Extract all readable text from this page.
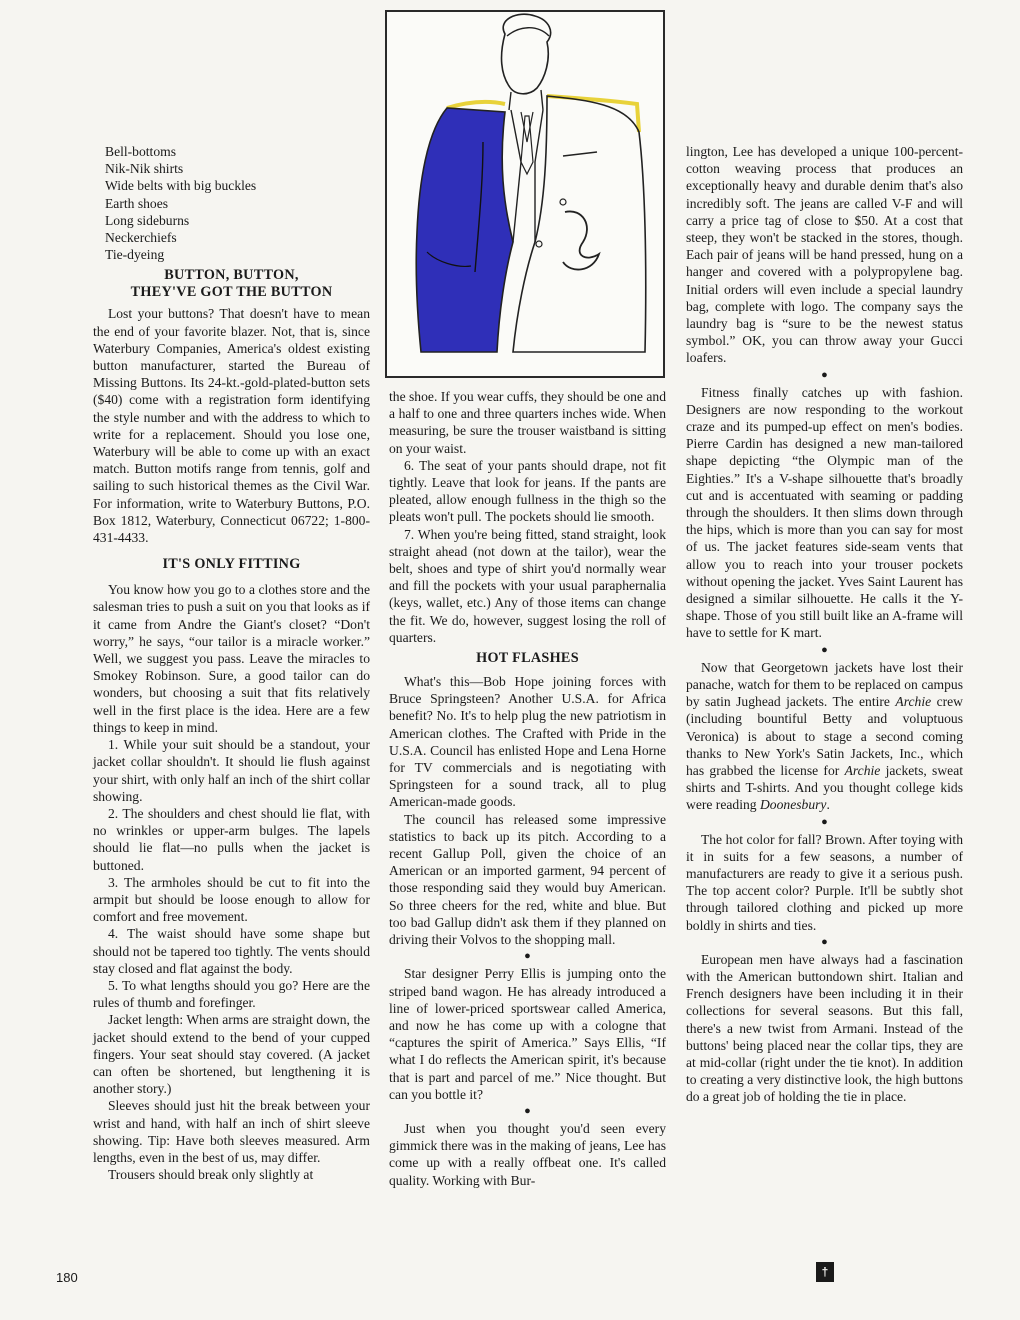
Bell-bottoms
Nik-Nik shirts
Wide belts with big buckles
Earth shoes
Long sideburns
Neckerchiefs
Tie-dyeing
BUTTON, BUTTON,
THEY'VE GOT THE BUTTON

Lost your buttons? That doesn't have to mean the end of your favorite blazer. Not, that is, since Waterbury Companies, America's oldest existing button manufacturer, started the Bureau of Missing Buttons. Its 24-kt.-gold-plated-button sets ($40) come with a registration form identifying the style number and with the address to which to write for a replacement. Should you lose one, Waterbury will be able to come up with an exact match. Button motifs range from tennis, golf and sailing to such historical themes as the Civil War. For information, write to Waterbury Buttons, P.O. Box 1812, Waterbury, Connecticut 06722; 1-800-431-4433.

IT'S ONLY FITTING

You know how you go to a clothes store and the salesman tries to push a suit on you that looks as if it came from Andre the Giant's closet? “Don't worry,” he says, “our tailor is a miracle worker.” Well, we suggest you pass. Leave the miracles to Smokey Robinson. Sure, a good tailor can do wonders, but choosing a suit that fits relatively well in the first place is the idea. Here are a few things to keep in mind.

1. While your suit should be a standout, your jacket collar shouldn't. It should lie flush against your shirt, with only half an inch of the shirt collar showing.

2. The shoulders and chest should lie flat, with no wrinkles or upper-arm bulges. The lapels should lie flat—no pulls when the jacket is buttoned.

3. The armholes should be cut to fit into the armpit but should be loose enough to allow for comfort and free movement.

4. The waist should have some shape but should not be tapered too tightly. The vents should stay closed and flat against the body.

5. To what lengths should you go? Here are the rules of thumb and forefinger.

Jacket length: When arms are straight down, the jacket should extend to the bend of your cupped fingers. Your seat should stay covered. (A jacket can often be shortened, but lengthening it is another story.)

Sleeves should just hit the break between your wrist and hand, with half an inch of shirt sleeve showing. Tip: Have both sleeves measured. Arm lengths, even in the best of us, may differ.

Trousers should break only slightly at

the shoe. If you wear cuffs, they should be one and a half to one and three quarters inches wide. When measuring, be sure the trouser waistband is sitting on your waist.

6. The seat of your pants should drape, not fit tightly. Leave that look for jeans. If the pants are pleated, allow enough fullness in the thigh so the pleats won't pull. The pockets should lie smooth.

7. When you're being fitted, stand straight, look straight ahead (not down at the tailor), wear the belt, shoes and type of shirt you'd normally wear and fill the pockets with your usual paraphernalia (keys, wallet, etc.) Any of those items can change the fit. We do, however, suggest losing the roll of quarters.

HOT FLASHES

What's this—Bob Hope joining forces with Bruce Springsteen? Another U.S.A. for Africa benefit? No. It's to help plug the new patriotism in American clothes. The Crafted with Pride in the U.S.A. Council has enlisted Hope and Lena Horne for TV commercials and is negotiating with Springsteen for a sound track, all to plug American-made goods.

The council has released some impressive statistics to back up its pitch. According to a recent Gallup Poll, given the choice of an American or an imported garment, 94 percent of those responding said they would buy American. So three cheers for the red, white and blue. But too bad Gallup didn't ask them if they planned on driving their Volvos to the shopping mall.

●

Star designer Perry Ellis is jumping onto the striped band wagon. He has already introduced a line of lower-priced sportswear called America, and now he has come up with a cologne that “captures the spirit of America.” Says Ellis, “If what I do reflects the American spirit, it's because that is part and parcel of me.” Nice thought. But can you bottle it?

●

Just when you thought you'd seen every gimmick there was in the making of jeans, Lee has come up with a really offbeat one. It's called quality. Working with Bur-

lington, Lee has developed a unique 100-percent-cotton weaving process that produces an exceptionally heavy and durable denim that's also incredibly soft. The jeans are called V-F and will carry a price tag of close to $50. At a cost that steep, they won't be stacked in the stores, though. Each pair of jeans will be hand pressed, hung on a hanger and covered with a polypropylene bag. Initial orders will even include a special laundry bag, complete with logo. The company says the laundry bag is “sure to be the newest status symbol.” OK, you can throw away your Gucci loafers.

●

Fitness finally catches up with fashion. Designers are now responding to the workout craze and its pumped-up effect on men's bodies. Pierre Cardin has designed a new man-tailored shape depicting “the Olympic man of the Eighties.” It's a V-shape silhouette that's broadly cut and is accentuated with seaming or padding through the shoulders. It then slims down through the hips, which is more than you can say for most of us. The jacket features side-seam vents that allow you to reach into your trouser pockets without opening the jacket. Yves Saint Laurent has designed a similar silhouette. He calls it the Y-shape. Those of you still built like an A-frame will have to settle for K mart.

●

Now that Georgetown jackets have lost their panache, watch for them to be replaced on campus by satin Jughead jackets. The entire Archie crew (including bountiful Betty and voluptuous Veronica) is about to stage a second coming thanks to New York's Satin Jackets, Inc., which has grabbed the license for Archie jackets, sweat shirts and T-shirts. And you thought college kids were reading Doonesbury.

●

The hot color for fall? Brown. After toying with it in suits for a few seasons, a number of manufacturers are ready to give it a serious push. The top accent color? Purple. It'll be subtly shot through tailored clothing and picked up more boldly in shirts and ties.

●

European men have always had a fascination with the American buttondown shirt. Italian and French designers have been including it in their collections for several seasons. But this fall, there's a new twist from Armani. Instead of the buttons' being placed near the collar tips, they are at mid-collar (right under the tie knot). In addition to creating a very distinctive look, the high buttons do a great job of holding the tie in place.

180	†
